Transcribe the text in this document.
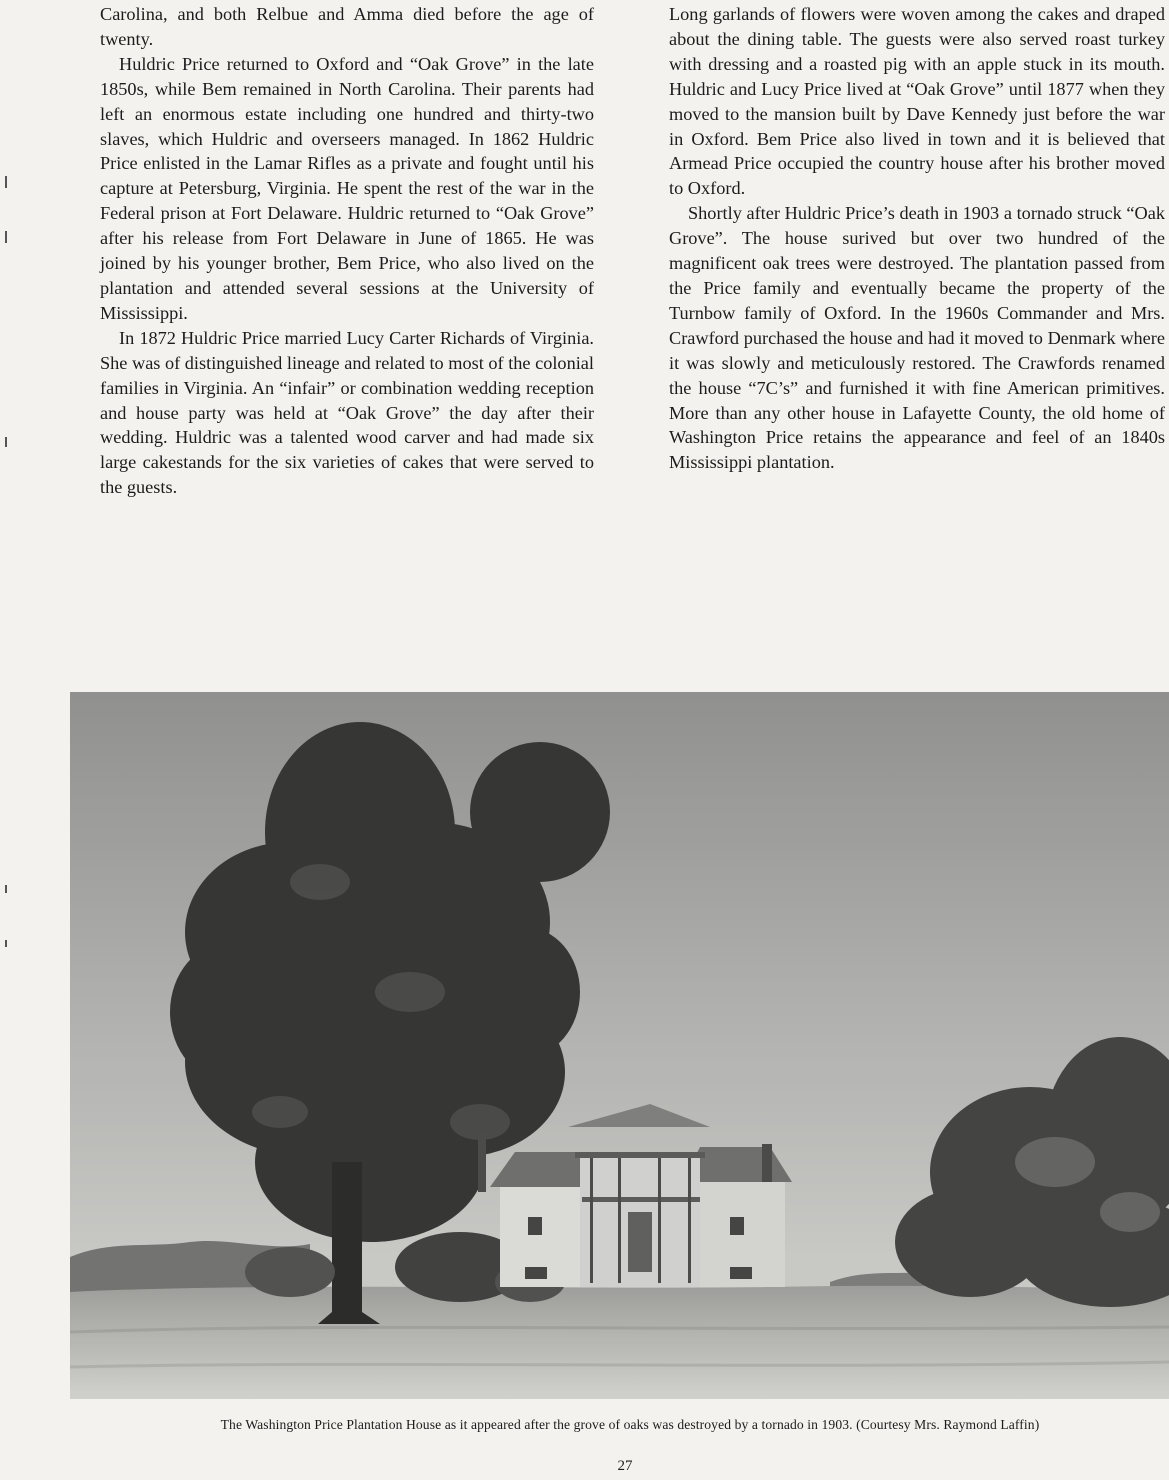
Carolina, and both Relbue and Amma died before the age of twenty.

Huldric Price returned to Oxford and “Oak Grove” in the late 1850s, while Bem remained in North Carolina. Their parents had left an enormous estate including one hundred and thirty-two slaves, which Huldric and overseers managed. In 1862 Huldric Price enlisted in the Lamar Rifles as a private and fought until his capture at Petersburg, Virginia. He spent the rest of the war in the Federal prison at Fort Delaware. Huldric returned to “Oak Grove” after his release from Fort Delaware in June of 1865. He was joined by his younger brother, Bem Price, who also lived on the plantation and attended several sessions at the University of Mississippi.

In 1872 Huldric Price married Lucy Carter Richards of Virginia. She was of distinguished lineage and related to most of the colonial families in Virginia. An “infair” or combination wedding reception and house party was held at “Oak Grove” the day after their wedding. Huldric was a talented wood carver and had made six large cakestands for the six varieties of cakes that were served to the guests.

Long garlands of flowers were woven among the cakes and draped about the dining table. The guests were also served roast turkey with dressing and a roasted pig with an apple stuck in its mouth. Huldric and Lucy Price lived at “Oak Grove” until 1877 when they moved to the mansion built by Dave Kennedy just before the war in Oxford. Bem Price also lived in town and it is believed that Armead Price occupied the country house after his brother moved to Oxford.

Shortly after Huldric Price’s death in 1903 a tornado struck “Oak Grove”. The house surived but over two hundred of the magnificent oak trees were destroyed. The plantation passed from the Price family and eventually became the property of the Turnbow family of Oxford. In the 1960s Commander and Mrs. Crawford purchased the house and had it moved to Denmark where it was slowly and meticulously restored. The Crawfords renamed the house “7C’s” and furnished it with fine American primitives. More than any other house in Lafayette County, the old home of Washington Price retains the appearance and feel of an 1840s Mississippi plantation.

The Washington Price Plantation House as it appeared after the grove of oaks was destroyed by a tornado in 1903. (Courtesy Mrs. Raymond Laffin)
27
